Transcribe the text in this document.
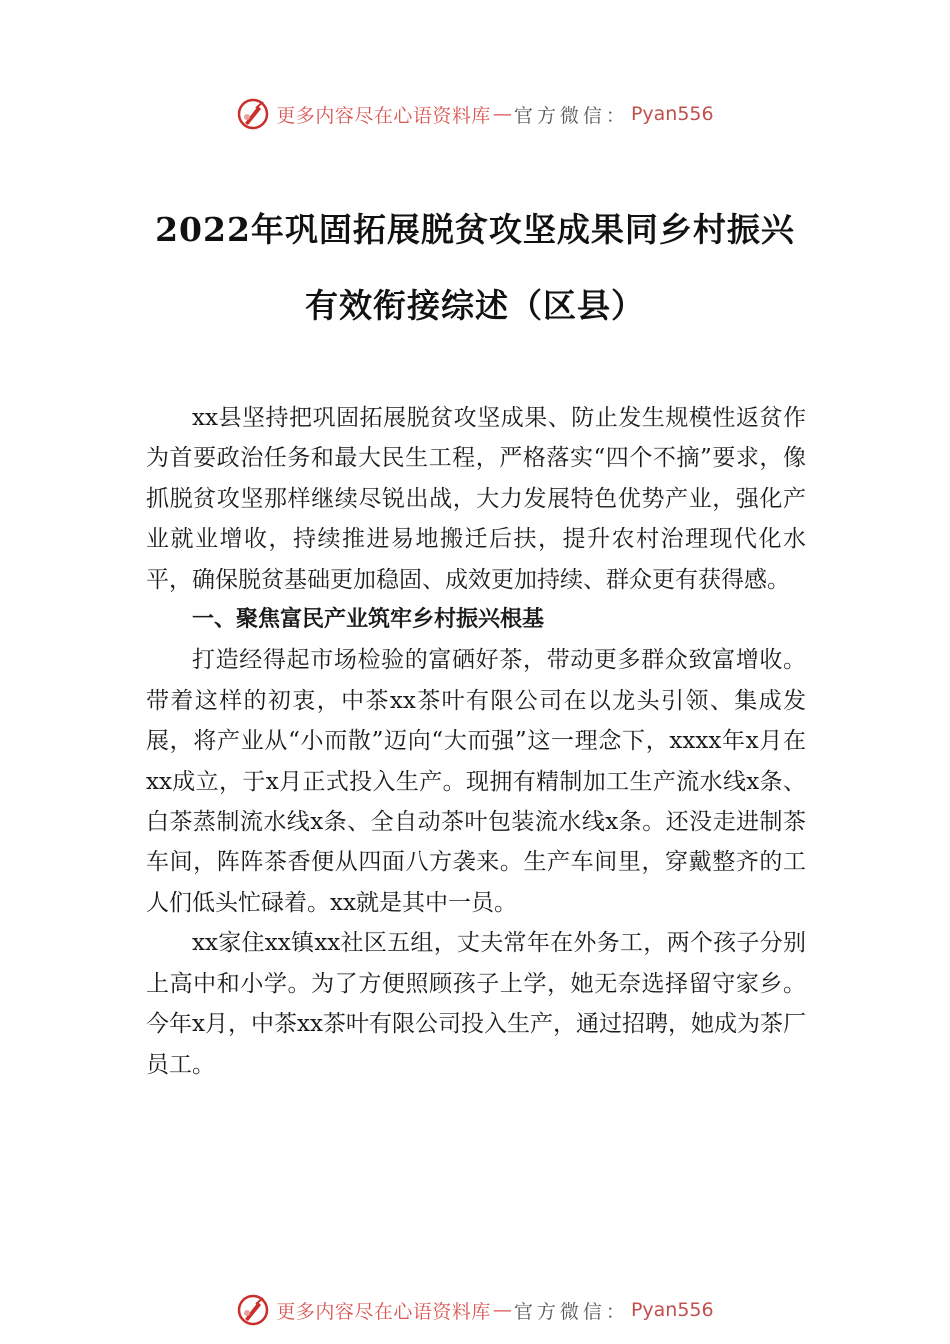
更多内容尽在心语资料库 — 官方微信： Pyan556
2022年巩固拓展脱贫攻坚成果同乡村振兴
有效衔接综述（区县）

xx县坚持把巩固拓展脱贫攻坚成果、防止发生规模性返贫作为首要政治任务和最大民生工程，严格落实“四个不摘”要求，像抓脱贫攻坚那样继续尽锐出战，大力发展特色优势产业，强化产业就业增收，持续推进易地搬迁后扶，提升农村治理现代化水平，确保脱贫基础更加稳固、成效更加持续、群众更有获得感。

一、聚焦富民产业筑牢乡村振兴根基

打造经得起市场检验的富硒好茶，带动更多群众致富增收。带着这样的初衷，中茶xx茶叶有限公司在以龙头引领、集成发展，将产业从“小而散”迈向“大而强”这一理念下，xxxx年x月在xx成立，于x月正式投入生产。现拥有精制加工生产流水线x条、白茶蒸制流水线x条、全自动茶叶包装流水线x条。还没走进制茶车间，阵阵茶香便从四面八方袭来。生产车间里，穿戴整齐的工人们低头忙碌着。xx就是其中一员。

xx家住xx镇xx社区五组，丈夫常年在外务工，两个孩子分别上高中和小学。为了方便照顾孩子上学，她无奈选择留守家乡。今年x月，中茶xx茶叶有限公司投入生产，通过招聘，她成为茶厂员工。

更多内容尽在心语资料库 — 官方微信： Pyan556
